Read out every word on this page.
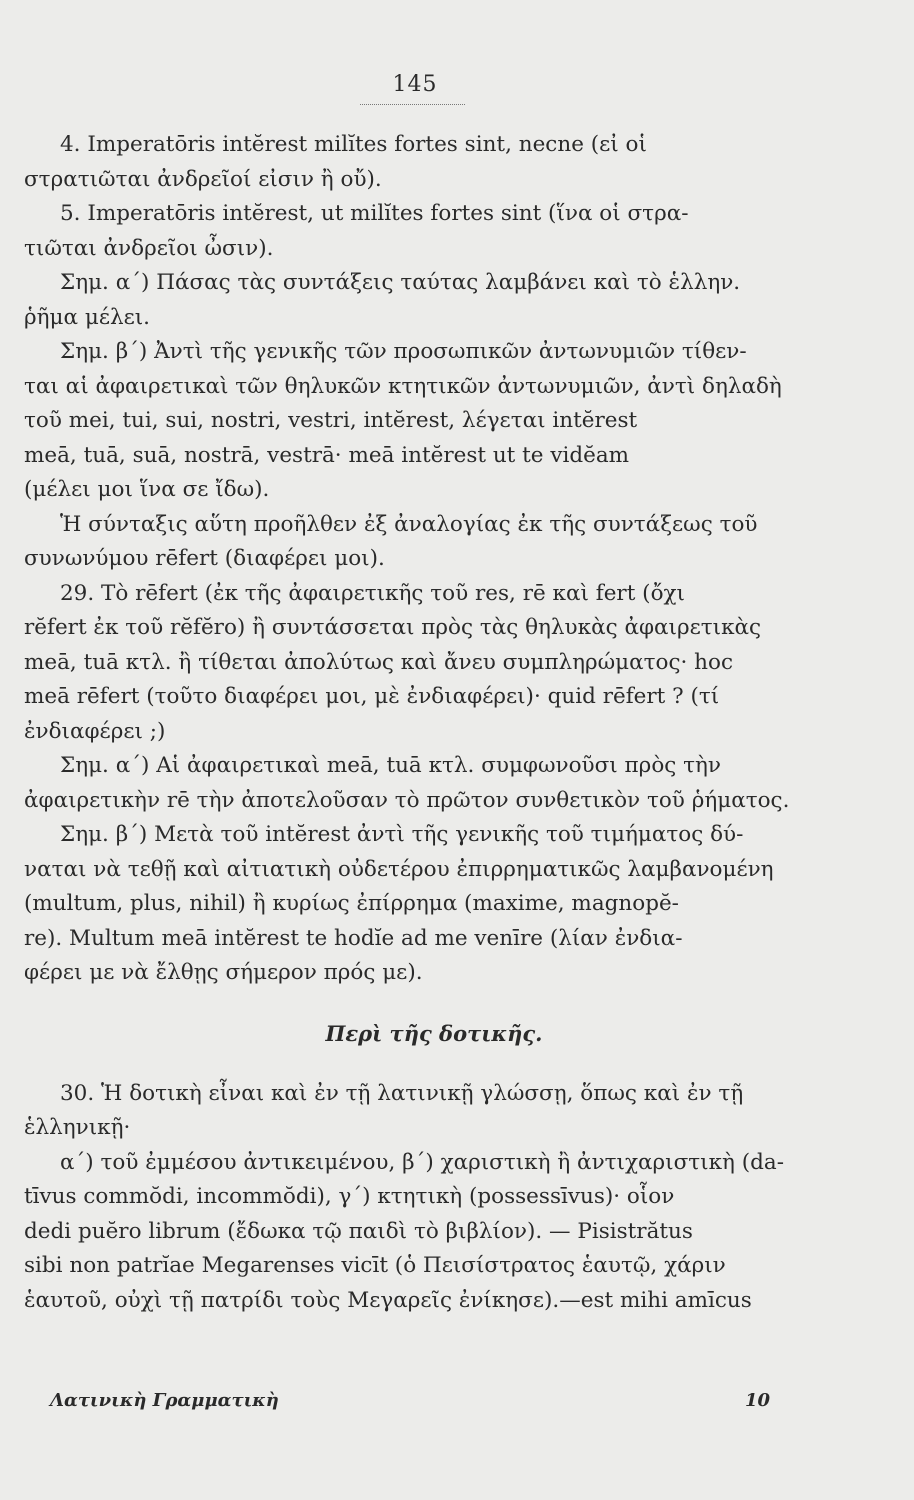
145
4. Imperatōris intĕrest milĭtes fortes sint, necne (εἰ οἱ
στρατιῶται ἀνδρεῖοί εἰσιν ἢ οὔ).
5. Imperatōris intĕrest, ut milĭtes fortes sint (ἵνα οἱ στρα-
τιῶται ἀνδρεῖοι ὦσιν).
Σημ. α΄) Πάσας τὰς συντάξεις ταύτας λαμβάνει καὶ τὸ ἑλλην.
ῥῆμα μέλει.
Σημ. β΄) Ἀντὶ τῆς γενικῆς τῶν προσωπικῶν ἀντωνυμιῶν τίθεν-
ται αἱ ἀφαιρετικαὶ τῶν θηλυκῶν κτητικῶν ἀντωνυμιῶν, ἀντὶ δηλαδὴ
τοῦ mei, tui, sui, nostri, vestri, intĕrest, λέγεται intĕrest
meā, tuā, suā, nostrā, vestrā· meā intĕrest ut te vidĕam
(μέλει μοι ἵνα σε ἴδω).
Ἡ σύνταξις αὕτη προῆλθεν ἐξ ἀναλογίας ἐκ τῆς συντάξεως τοῦ
συνωνύμου rēfert (διαφέρει μοι).
29. Τὸ rēfert (ἐκ τῆς ἀφαιρετικῆς τοῦ res, rē καὶ fert (ὄχι
rĕfert ἐκ τοῦ rĕfĕro) ἢ συντάσσεται πρὸς τὰς θηλυκὰς ἀφαιρετικὰς
meā, tuā κτλ. ἢ τίθεται ἀπολύτως καὶ ἄνευ συμπληρώματος· hoc
meā rēfert (τοῦτο διαφέρει μοι, μὲ ἐνδιαφέρει)· quid rēfert ? (τί
ἐνδιαφέρει ;)
Σημ. α΄) Αἱ ἀφαιρετικαὶ meā, tuā κτλ. συμφωνοῦσι πρὸς τὴν
ἀφαιρετικὴν rē τὴν ἀποτελοῦσαν τὸ πρῶτον συνθετικὸν τοῦ ῥήματος.
Σημ. β΄) Μετὰ τοῦ intĕrest ἀντὶ τῆς γενικῆς τοῦ τιμήματος δύ-
ναται νὰ τεθῇ καὶ αἰτιατικὴ οὐδετέρου ἐπιρρηματικῶς λαμβανομένη
(multum, plus, nihil) ἢ κυρίως ἐπίρρημα (maxime, magnopĕ-
re). Multum meā intĕrest te hodĭe ad me venīre (λίαν ἐνδια-
φέρει με νὰ ἔλθῃς σήμερον πρός με).
Περὶ τῆς δοτικῆς.
30. Ἡ δοτικὴ εἶναι καὶ ἐν τῇ λατινικῇ γλώσσῃ, ὅπως καὶ ἐν τῇ
ἑλληνικῇ·
α΄) τοῦ ἐμμέσου ἀντικειμένου, β΄) χαριστικὴ ἢ ἀντιχαριστικὴ (da-
tīvus commŏdi, incommŏdi), γ΄) κτητικὴ (possessīvus)· οἷον
dedi puĕro librum (ἔδωκα τῷ παιδὶ τὸ βιβλίον). — Pisistrătus
sibi non patrĭae Megarenses vicīt (ὁ Πεισίστρατος ἑαυτῷ, χάριν
ἑαυτοῦ, οὐχὶ τῇ πατρίδι τοὺς Μεγαρεῖς ἐνίκησε).—est mihi amīcus
Λατινικὴ Γραμματικὴ	10
